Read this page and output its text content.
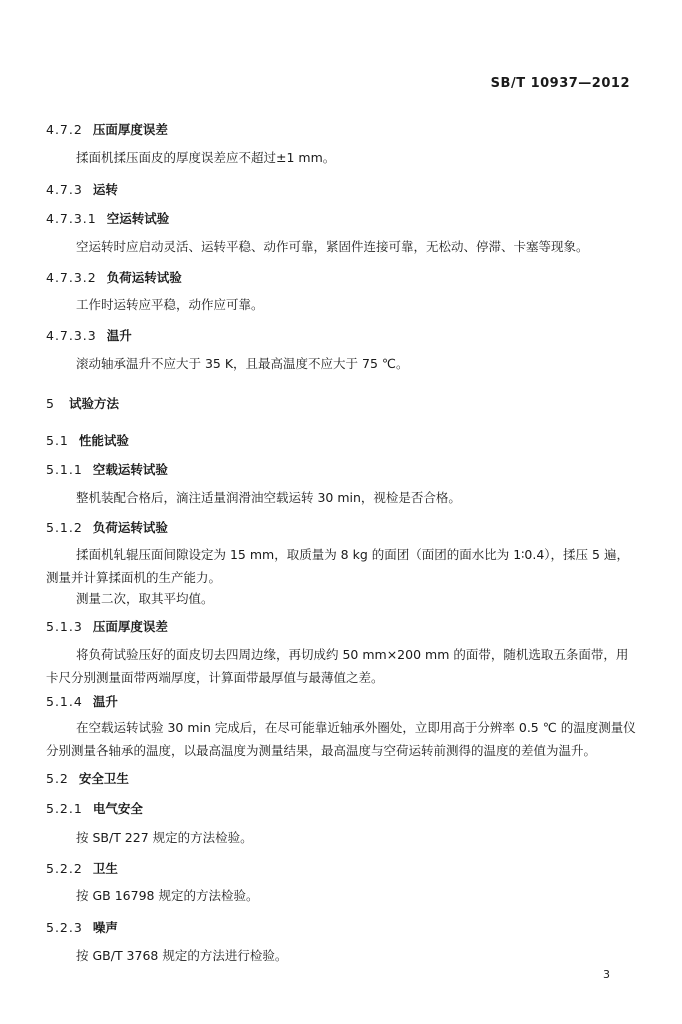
SB/T 10937—2012
4.7.2 压面厚度误差
揉面机揉压面皮的厚度误差应不超过±1 mm。
4.7.3 运转
4.7.3.1 空运转试验
空运转时应启动灵活、运转平稳、动作可靠，紧固件连接可靠，无松动、停滞、卡塞等现象。
4.7.3.2 负荷运转试验
工作时运转应平稳，动作应可靠。
4.7.3.3 温升
滚动轴承温升不应大于 35 K，且最高温度不应大于 75 ℃。
5 试验方法
5.1 性能试验
5.1.1 空载运转试验
整机装配合格后，滴注适量润滑油空载运转 30 min，视检是否合格。
5.1.2 负荷运转试验
揉面机轧辊压面间隙设定为 15 mm，取质量为 8 kg 的面团（面团的面水比为 1∶0.4），揉压 5 遍，测量并计算揉面机的生产能力。
测量二次，取其平均值。
5.1.3 压面厚度误差
将负荷试验压好的面皮切去四周边缘，再切成约 50 mm×200 mm 的面带，随机选取五条面带，用卡尺分别测量面带两端厚度，计算面带最厚值与最薄值之差。
5.1.4 温升
在空载运转试验 30 min 完成后，在尽可能靠近轴承外圈处，立即用高于分辨率 0.5 ℃ 的温度测量仪分别测量各轴承的温度，以最高温度为测量结果，最高温度与空荷运转前测得的温度的差值为温升。
5.2 安全卫生
5.2.1 电气安全
按 SB/T 227 规定的方法检验。
5.2.2 卫生
按 GB 16798 规定的方法检验。
5.2.3 噪声
按 GB/T 3768 规定的方法进行检验。
3
